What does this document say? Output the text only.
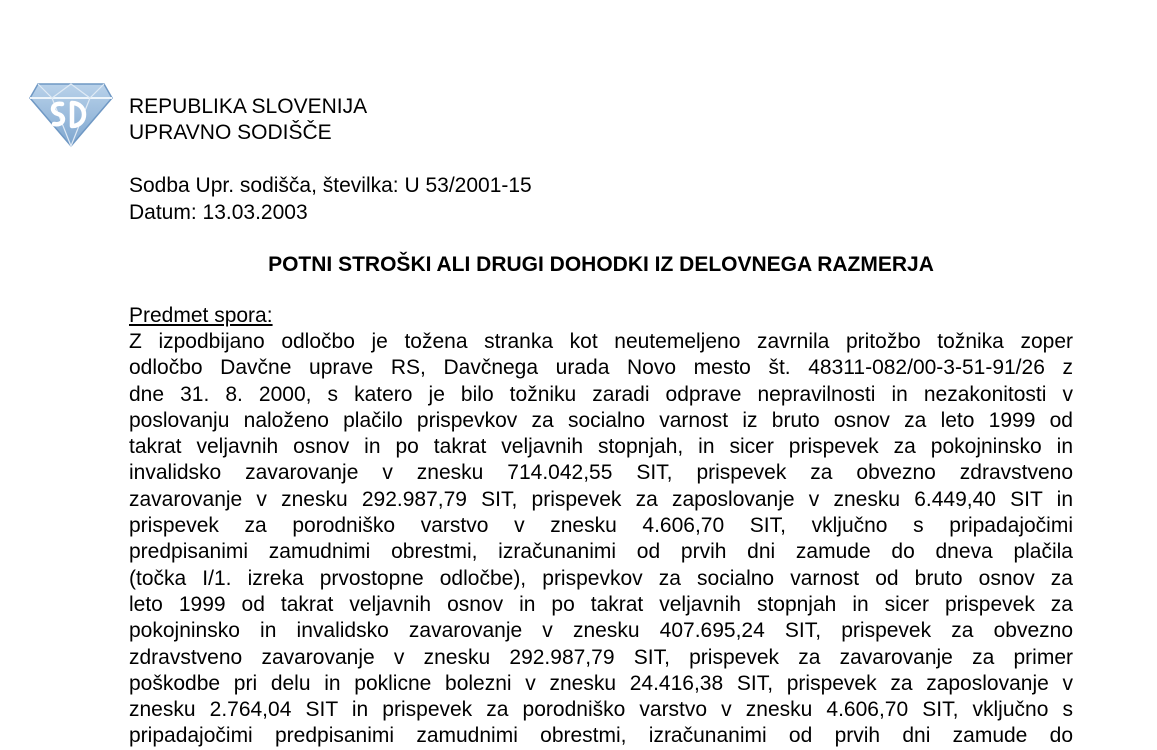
REPUBLIKA SLOVENIJA
UPRAVNO SODIŠČE
Sodba Upr. sodišča, številka: U 53/2001-15
Datum: 13.03.2003
POTNI STROŠKI ALI DRUGI DOHODKI IZ DELOVNEGA RAZMERJA
Predmet spora:
Z izpodbijano odločbo je tožena stranka kot neutemeljeno zavrnila pritožbo tožnika zoper
odločbo Davčne uprave RS, Davčnega urada Novo mesto št. 48311-082/00-3-51-91/26 z
dne 31. 8. 2000, s katero je bilo tožniku zaradi odprave nepravilnosti in nezakonitosti v
poslovanju naloženo plačilo prispevkov za socialno varnost iz bruto osnov za leto 1999 od
takrat veljavnih osnov in po takrat veljavnih stopnjah, in sicer prispevek za pokojninsko in
invalidsko zavarovanje v znesku 714.042,55 SIT, prispevek za obvezno zdravstveno
zavarovanje v znesku 292.987,79 SIT, prispevek za zaposlovanje v znesku 6.449,40 SIT in
prispevek za porodniško varstvo v znesku 4.606,70 SIT, vključno s pripadajočimi
predpisanimi zamudnimi obrestmi, izračunanimi od prvih dni zamude do dneva plačila
(točka I/1. izreka prvostopne odločbe), prispevkov za socialno varnost od bruto osnov za
leto 1999 od takrat veljavnih osnov in po takrat veljavnih stopnjah in sicer prispevek za
pokojninsko in invalidsko zavarovanje v znesku 407.695,24 SIT, prispevek za obvezno
zdravstveno zavarovanje v znesku 292.987,79 SIT, prispevek za zavarovanje za primer
poškodbe pri delu in poklicne bolezni v znesku 24.416,38 SIT, prispevek za zaposlovanje v
znesku 2.764,04 SIT in prispevek za porodniško varstvo v znesku 4.606,70 SIT, vključno s
pripadajočimi predpisanimi zamudnimi obrestmi, izračunanimi od prvih dni zamude do
